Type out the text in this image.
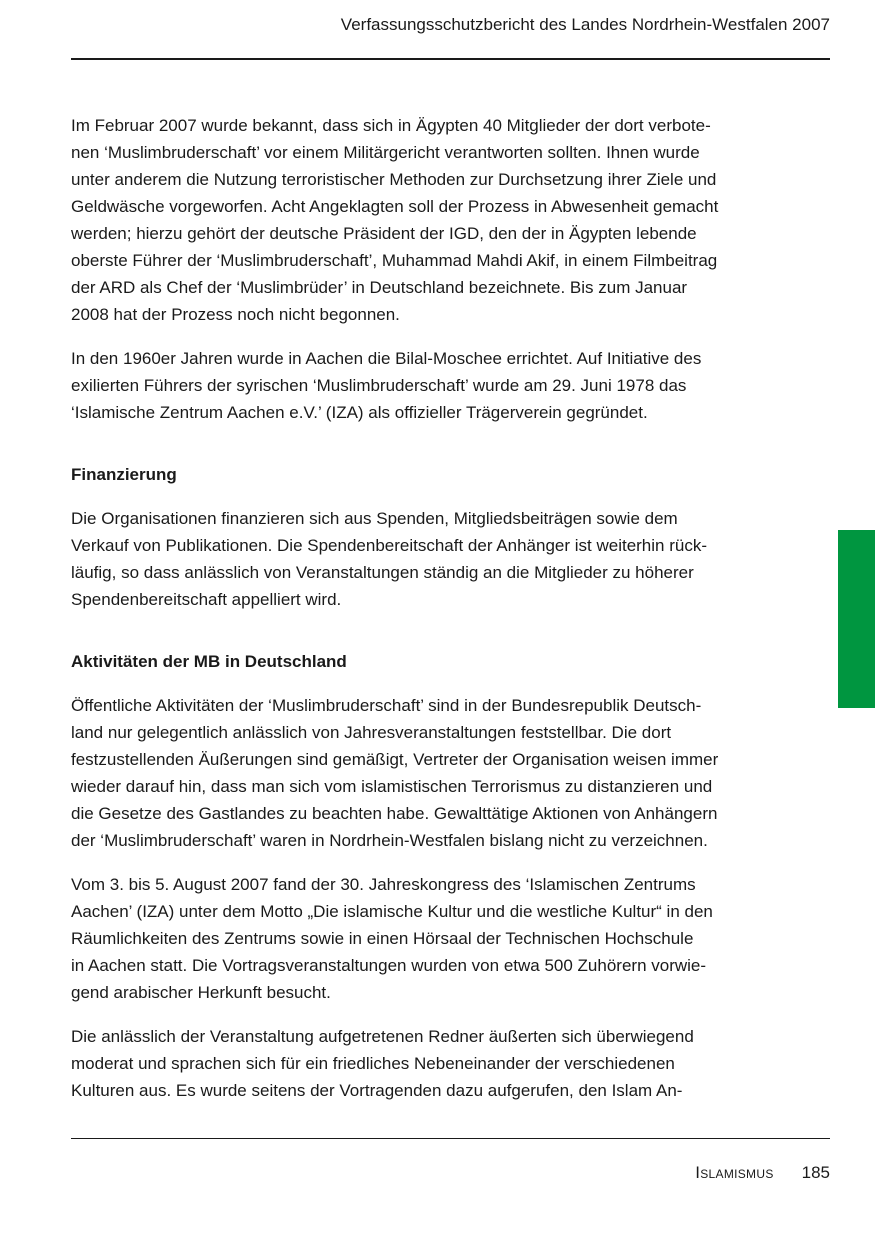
Verfassungsschutzbericht des Landes Nordrhein-Westfalen 2007

Im Februar 2007 wurde bekannt, dass sich in Ägypten 40 Mitglieder der dort verbote-
nen ‘Muslimbruderschaft’ vor einem Militärgericht verantworten sollten. Ihnen wurde
unter anderem die Nutzung terroristischer Methoden zur Durchsetzung ihrer Ziele und
Geldwäsche vorgeworfen. Acht Angeklagten soll der Prozess in Abwesenheit gemacht
werden; hierzu gehört der deutsche Präsident der IGD, den der in Ägypten lebende
oberste Führer der ‘Muslimbruderschaft’, Muhammad Mahdi Akif, in einem Filmbeitrag
der ARD als Chef der ‘Muslimbrüder’ in Deutschland bezeichnete. Bis zum Januar
2008 hat der Prozess noch nicht begonnen.

In den 1960er Jahren wurde in Aachen die Bilal-Moschee errichtet. Auf Initiative des
exilierten Führers der syrischen ‘Muslimbruderschaft’ wurde am 29. Juni 1978 das
‘Islamische Zentrum Aachen e.V.’ (IZA) als offizieller Trägerverein gegründet.

Finanzierung

Die Organisationen finanzieren sich aus Spenden, Mitgliedsbeiträgen sowie dem
Verkauf von Publikationen. Die Spendenbereitschaft der Anhänger ist weiterhin rück-
läufig, so dass anlässlich von Veranstaltungen ständig an die Mitglieder zu höherer
Spendenbereitschaft appelliert wird.

Aktivitäten der MB in Deutschland

Öffentliche Aktivitäten der ‘Muslimbruderschaft’ sind in der Bundesrepublik Deutsch-
land nur gelegentlich anlässlich von Jahresveranstaltungen feststellbar. Die dort
festzustellenden Äußerungen sind gemäßigt, Vertreter der Organisation weisen immer
wieder darauf hin, dass man sich vom islamistischen Terrorismus zu distanzieren und
die Gesetze des Gastlandes zu beachten habe. Gewalttätige Aktionen von Anhängern
der ‘Muslimbruderschaft’ waren in Nordrhein-Westfalen bislang nicht zu verzeichnen.

Vom 3. bis 5. August 2007 fand der 30. Jahreskongress des ‘Islamischen Zentrums
Aachen’ (IZA) unter dem Motto „Die islamische Kultur und die westliche Kultur“ in den
Räumlichkeiten des Zentrums sowie in einen Hörsaal der Technischen Hochschule
in Aachen statt. Die Vortragsveranstaltungen wurden von etwa 500 Zuhörern vorwie-
gend arabischer Herkunft besucht.

Die anlässlich der Veranstaltung aufgetretenen Redner äußerten sich überwiegend
moderat und sprachen sich für ein friedliches Nebeneinander der verschiedenen
Kulturen aus. Es wurde seitens der Vortragenden dazu aufgerufen, den Islam An-

Islamismus 185
